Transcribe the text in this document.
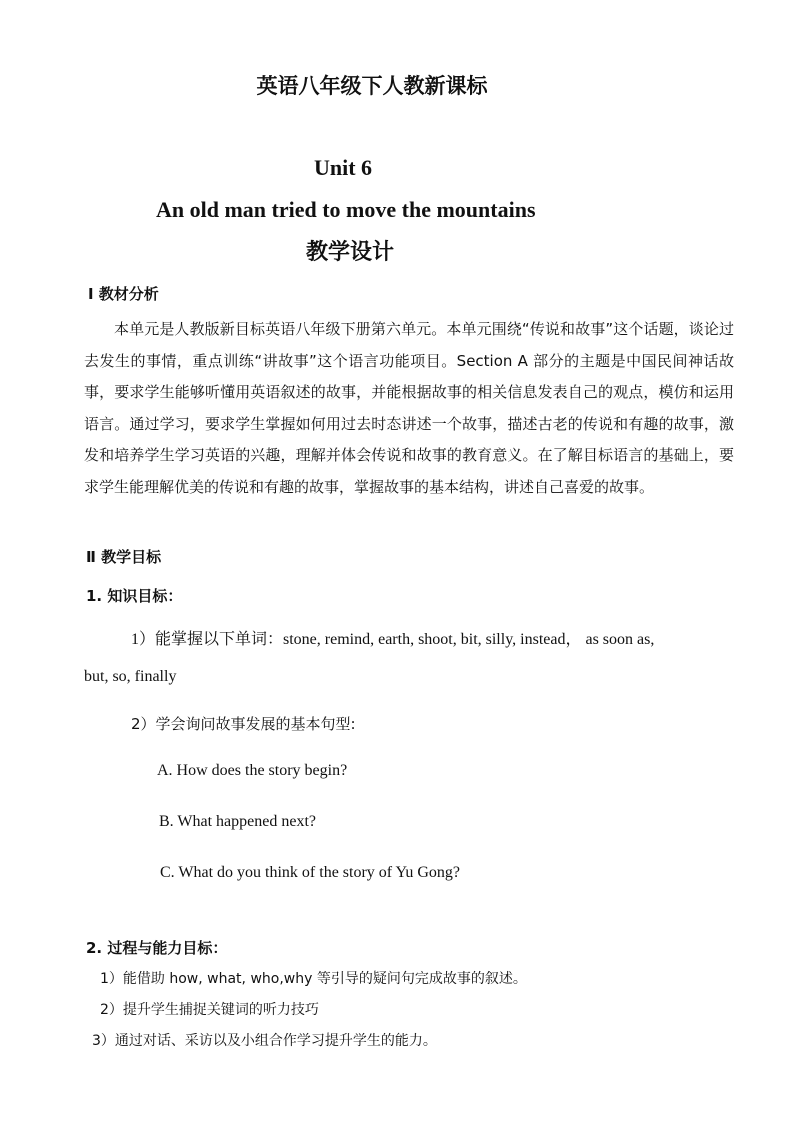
英语八年级下人教新课标
Unit 6
An old man tried to move the mountains
教学设计
Ⅰ 教材分析
本单元是人教版新目标英语八年级下册第六单元。本单元围绕“传说和故事”这个话题，谈论过去发生的事情，重点训练“讲故事”这个语言功能项目。Section A 部分的主题是中国民间神话故事，要求学生能够听懂用英语叙述的故事，并能根据故事的相关信息发表自己的观点，模仿和运用语言。通过学习，要求学生掌握如何用过去时态讲述一个故事，描述古老的传说和有趣的故事，激发和培养学生学习英语的兴趣，理解并体会传说和故事的教育意义。在了解目标语言的基础上，要求学生能理解优美的传说和有趣的故事，掌握故事的基本结构，讲述自己喜爱的故事。
Ⅱ 教学目标
1. 知识目标：
1）能掌握以下单词：stone, remind, earth, shoot, bit, silly, instead， as soon as,
but, so, finally
2）学会询问故事发展的基本句型:
A. How does the story begin?
B. What happened next?
C. What do you think of the story of Yu Gong?
2. 过程与能力目标：
1）能借助 how, what, who,why 等引导的疑问句完成故事的叙述。
2）提升学生捕捉关键词的听力技巧
3）通过对话、采访以及小组合作学习提升学生的能力。
